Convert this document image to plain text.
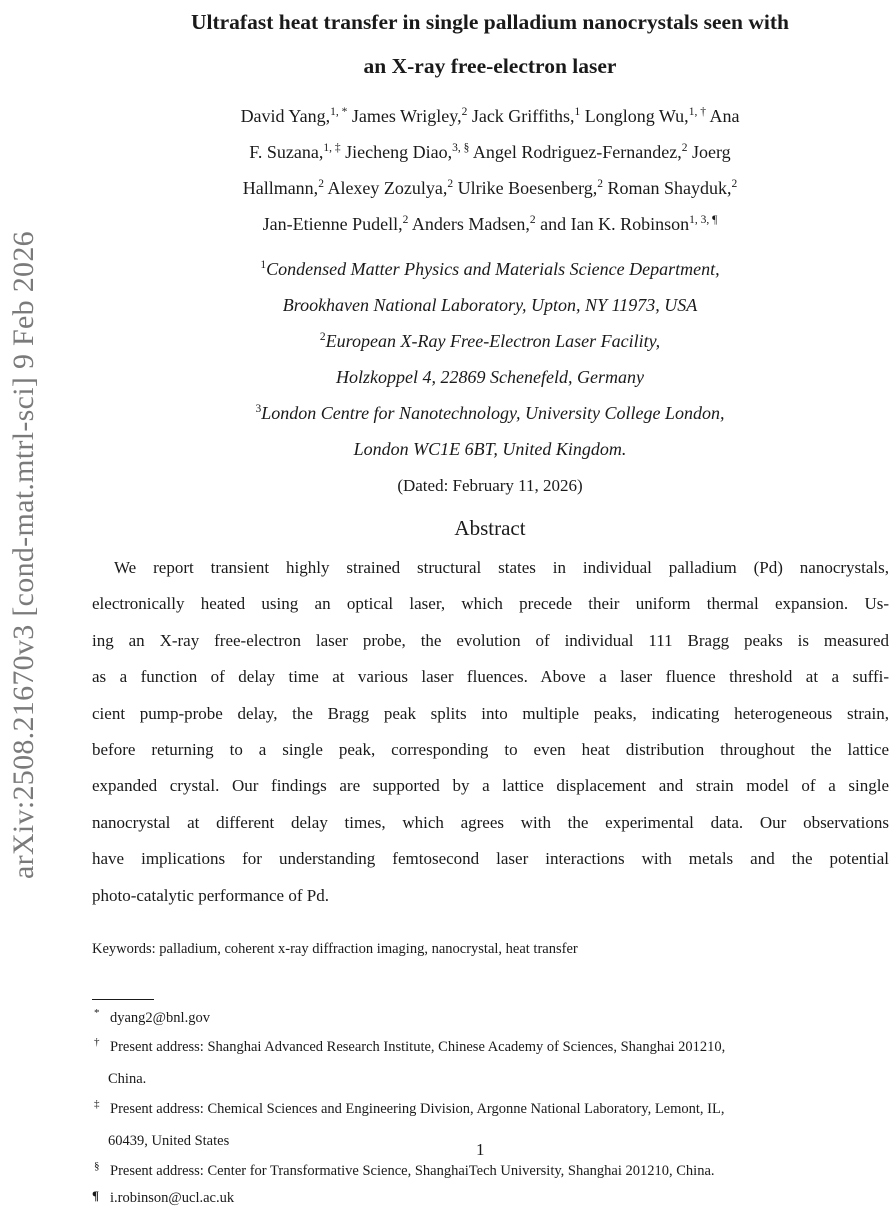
arXiv:2508.21670v3 [cond-mat.mtrl-sci] 9 Feb 2026
Ultrafast heat transfer in single palladium nanocrystals seen with
an X-ray free-electron laser
David Yang,$^{1, *}$ James Wrigley,$^2$ Jack Griffiths,$^1$ Longlong Wu,$^{1, \dagger}$ Ana
F. Suzana,$^{1, \ddagger}$ Jiecheng Diao,$^{3, \S}$ Angel Rodriguez-Fernandez,$^2$ Joerg
Hallmann,$^2$ Alexey Zozulya,$^2$ Ulrike Boesenberg,$^2$ Roman Shayduk,$^2$
Jan-Etienne Pudell,$^2$ Anders Madsen,$^2$ and Ian K. Robinson$^{1, 3, \P}$
$^1$Condensed Matter Physics and Materials Science Department,
Brookhaven National Laboratory, Upton, NY 11973, USA
$^2$European X-Ray Free-Electron Laser Facility,
Holzkoppel 4, 22869 Schenefeld, Germany
$^3$London Centre for Nanotechnology, University College London,
London WC1E 6BT, United Kingdom.
(Dated: February 11, 2026)
Abstract
We report transient highly strained structural states in individual palladium (Pd) nanocrystals,
electronically heated using an optical laser, which precede their uniform thermal expansion. Us-
ing an X-ray free-electron laser probe, the evolution of individual 111 Bragg peaks is measured
as a function of delay time at various laser fluences. Above a laser fluence threshold at a suffi-
cient pump-probe delay, the Bragg peak splits into multiple peaks, indicating heterogeneous strain,
before returning to a single peak, corresponding to even heat distribution throughout the lattice
expanded crystal. Our findings are supported by a lattice displacement and strain model of a single
nanocrystal at different delay times, which agrees with the experimental data. Our observations
have implications for understanding femtosecond laser interactions with metals and the potential
photo-catalytic performance of Pd.
Keywords: palladium, coherent x-ray diffraction imaging, nanocrystal, heat transfer
* dyang2@bnl.gov
† Present address: Shanghai Advanced Research Institute, Chinese Academy of Sciences, Shanghai 201210,
China.
‡ Present address: Chemical Sciences and Engineering Division, Argonne National Laboratory, Lemont, IL,
60439, United States
§ Present address: Center for Transformative Science, ShanghaiTech University, Shanghai 201210, China.
¶ i.robinson@ucl.ac.uk
1
